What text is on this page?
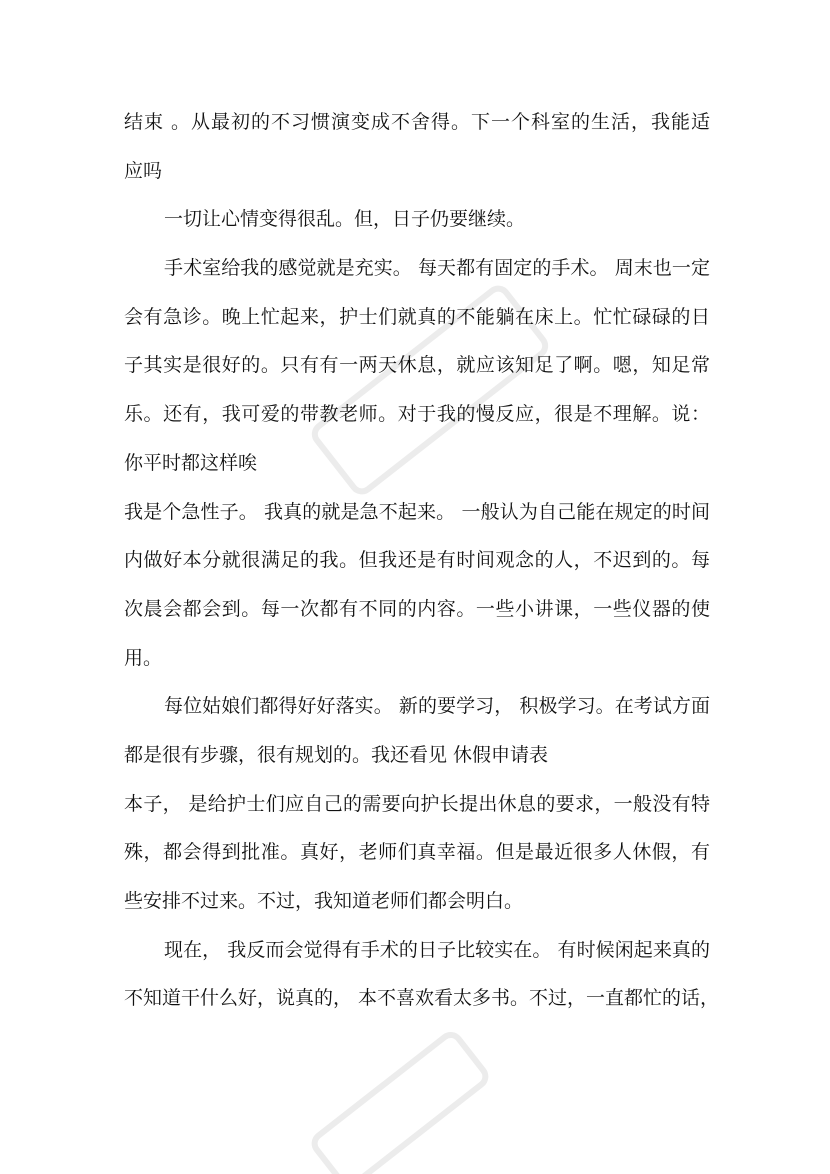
结束 。从最初的不习惯演变成不舍得。下一个科室的生活，我能适
应吗
一切让心情变得很乱。但，日子仍要继续。
手术室给我的感觉就是充实。 每天都有固定的手术。 周末也一定
会有急诊。晚上忙起来，护士们就真的不能躺在床上。忙忙碌碌的日
子其实是很好的。只有有一两天休息，就应该知足了啊。嗯，知足常
乐。还有，我可爱的带教老师。对于我的慢反应，很是不理解。说：
你平时都这样唉
我是个急性子。 我真的就是急不起来。 一般认为自己能在规定的时间
内做好本分就很满足的我。但我还是有时间观念的人，不迟到的。每
次晨会都会到。每一次都有不同的内容。一些小讲课，一些仪器的使
用。
每位姑娘们都得好好落实。 新的要学习， 积极学习。在考试方面
都是很有步骤，很有规划的。我还看见 休假申请表
本子， 是给护士们应自己的需要向护长提出休息的要求，一般没有特
殊，都会得到批准。真好，老师们真幸福。但是最近很多人休假，有
些安排不过来。不过，我知道老师们都会明白。
现在， 我反而会觉得有手术的日子比较实在。 有时候闲起来真的
不知道干什么好，说真的， 本不喜欢看太多书。不过，一直都忙的话，
